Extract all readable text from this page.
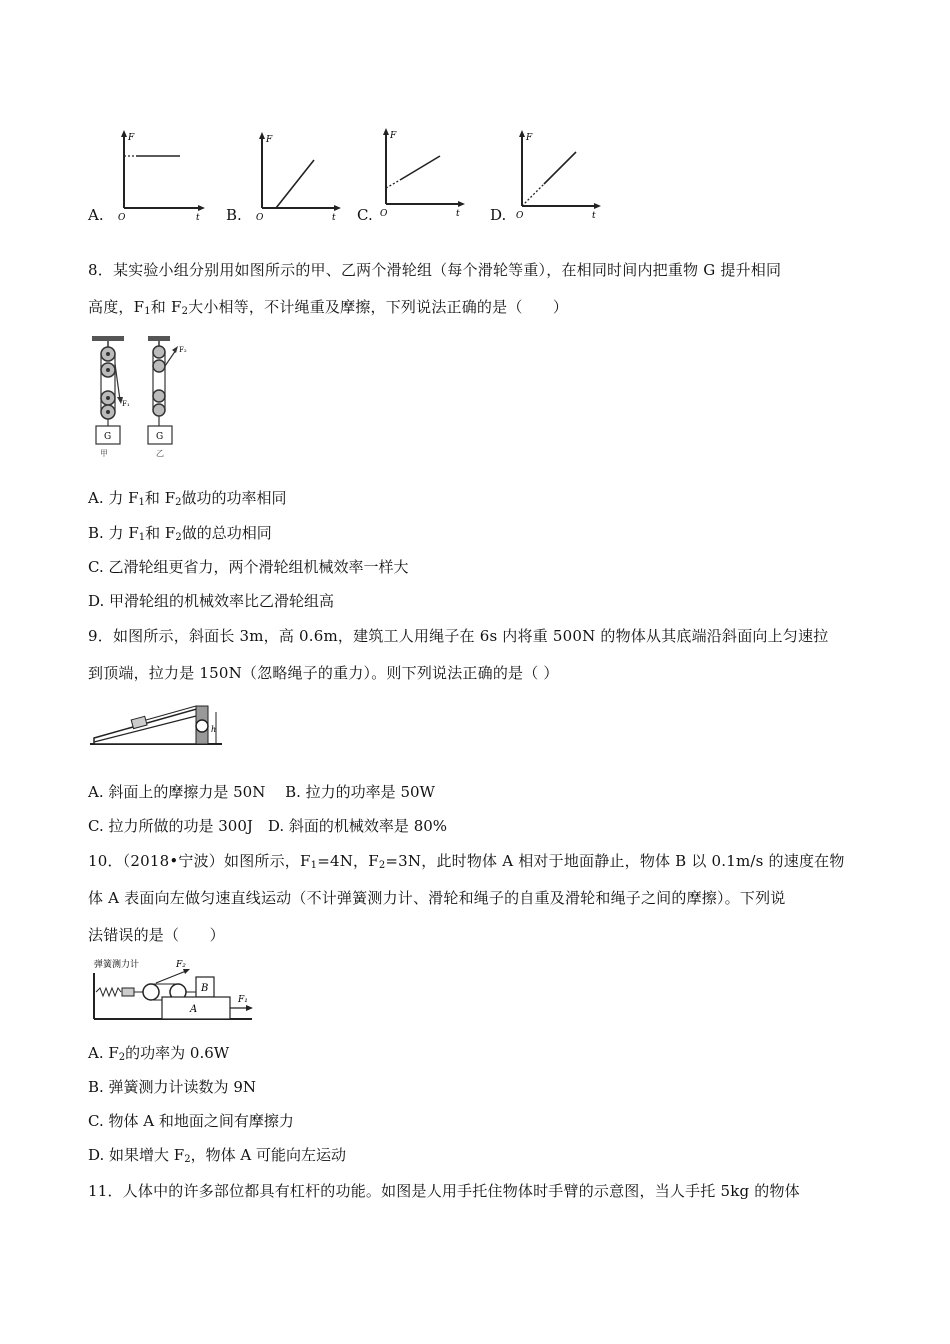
A.
F
O	t B.
F
O	t C.
F
O	t D.
F
O	t
8．某实验小组分别用如图所示的甲、乙两个滑轮组（每个滑轮等重），在相同时间内把重物 G 提升相同
高度，$F_1$和 $F_2$大小相等，不计绳重及摩擦，下列说法正确的是（　　）
F₁
G
甲
F₂
G
乙
A. 力 $F_1$和 $F_2$做功的功率相同
B. 力 $F_1$和 $F_2$做的总功相同
C. 乙滑轮组更省力，两个滑轮组机械效率一样大
D. 甲滑轮组的机械效率比乙滑轮组高
9．如图所示，斜面长 3m，高 0.6m，建筑工人用绳子在 6s 内将重 500N 的物体从其底端沿斜面向上匀速拉
到顶端，拉力是 150N（忽略绳子的重力）。则下列说法正确的是（ ）
h
A. 斜面上的摩擦力是 50N　 B. 拉力的功率是 50W
C. 拉力所做的功是 300J　D. 斜面的机械效率是 80%
10．（2018•宁波）如图所示，$F_1=4N$，$F_2=3N$，此时物体 A 相对于地面静止，物体 B 以 0.1m/s 的速度在物
体 A 表面向左做匀速直线运动（不计弹簧测力计、滑轮和绳子的自重及滑轮和绳子之间的摩擦）。下列说
法错误的是（　　）
弹簧测力计	F₂
B
A
F₁
A. $F_2$的功率为 0.6W
B. 弹簧测力计读数为 9N
C. 物体 A 和地面之间有摩擦力
D. 如果增大 $F_2$，物体 A 可能向左运动
11．人体中的许多部位都具有杠杆的功能。如图是人用手托住物体时手臂的示意图，当人手托 5kg 的物体
